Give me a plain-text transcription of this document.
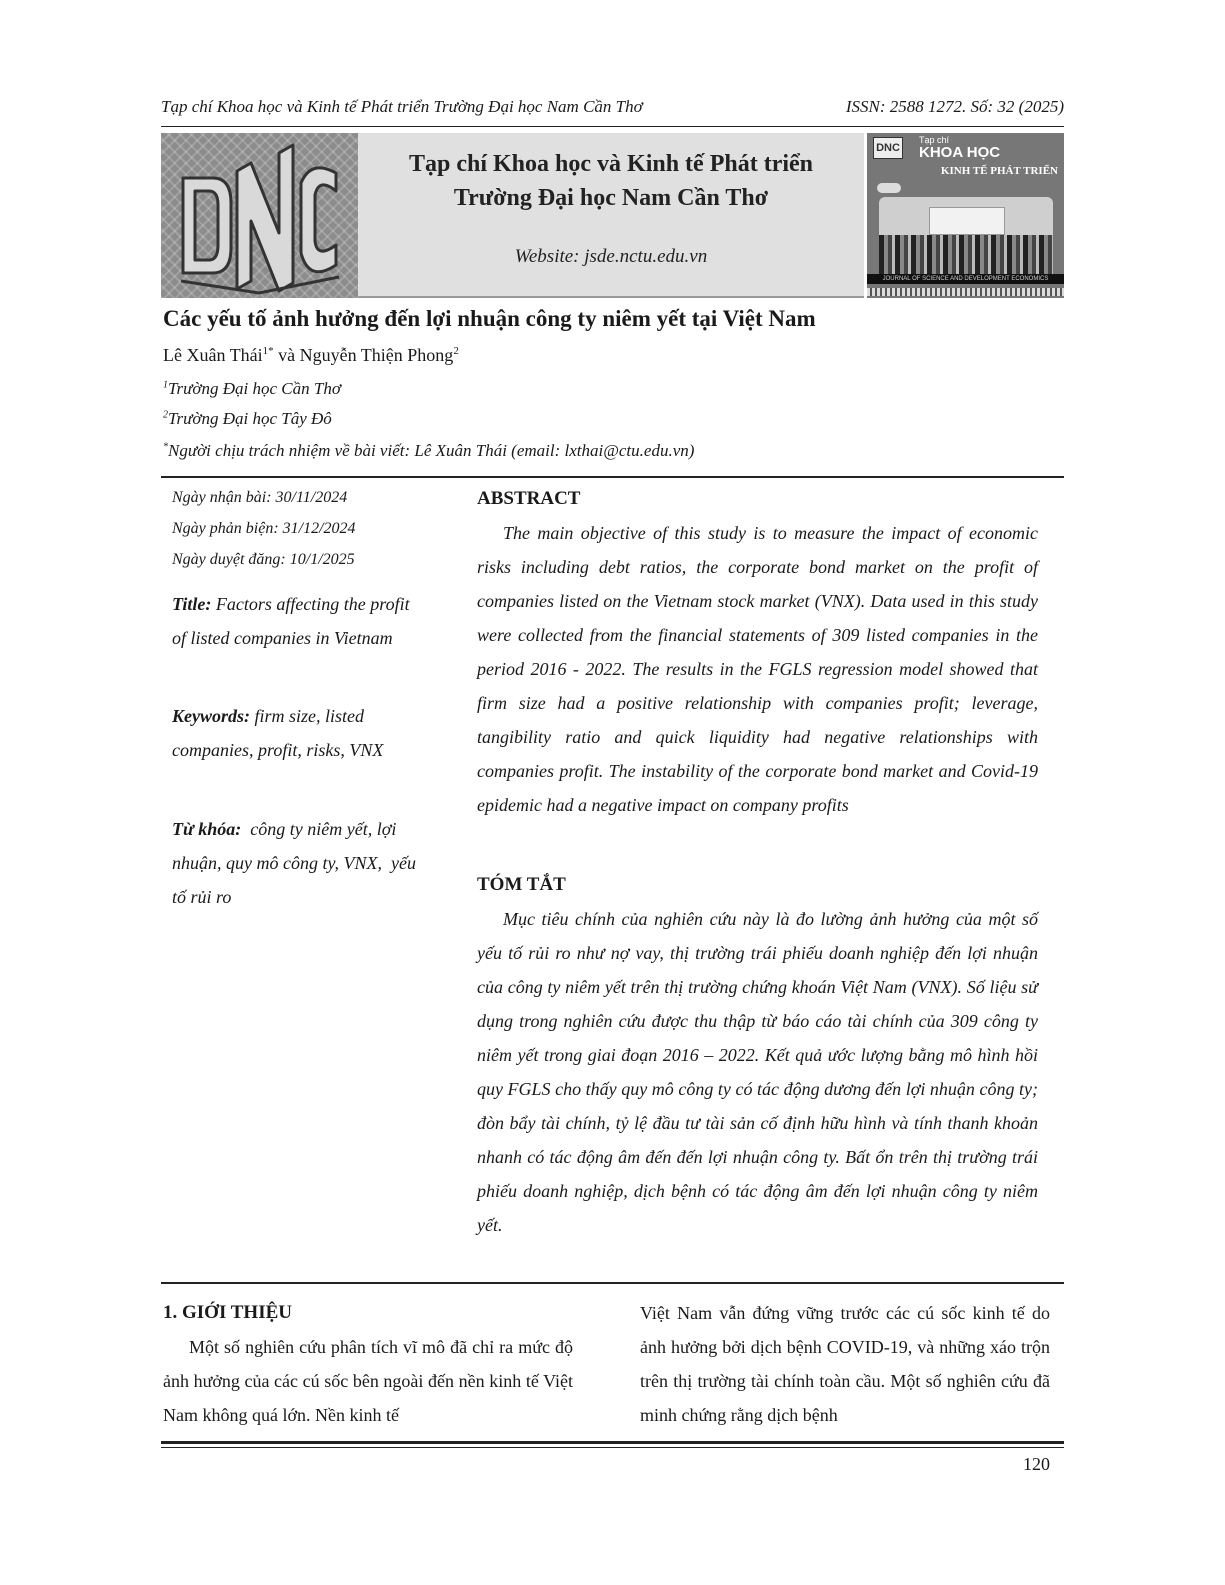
Tạp chí Khoa học và Kinh tế Phát triển Trường Đại học Nam Cần Thơ	ISSN: 2588 1272. Số: 32 (2025)
Tạp chí Khoa học và Kinh tế Phát triển
Trường Đại học Nam Cần Thơ
Website: jsde.nctu.edu.vn
DNC
Tạp chí
KHOA HỌC
KINH TẾ PHÁT TRIỂN
JOURNAL OF SCIENCE AND DEVELOPMENT ECONOMICS
Các yếu tố ảnh hưởng đến lợi nhuận công ty niêm yết tại Việt Nam
Lê Xuân Thái$^{1*}$ và Nguyễn Thiện Phong$^2$
$^1$Trường Đại học Cần Thơ
$^2$Trường Đại học Tây Đô
*Người chịu trách nhiệm về bài viết: Lê Xuân Thái (email: lxthai@ctu.edu.vn)
Ngày nhận bài: 30/11/2024
Ngày phản biện: 31/12/2024
Ngày duyệt đăng: 10/1/2025
Title: Factors affecting the profit of listed companies in Vietnam
Keywords: firm size, listed companies, profit, risks, VNX
Từ khóa:  công ty niêm yết, lợi nhuận, quy mô công ty, VNX,  yếu tố rủi ro
ABSTRACT

The main objective of this study is to measure the impact of economic risks including debt ratios, the corporate bond market on the profit of companies listed on the Vietnam stock market (VNX). Data used in this study were collected from the financial statements of 309 listed companies in the period 2016 - 2022. The results in the FGLS regression model showed that firm size had a positive relationship with companies profit; leverage, tangibility ratio and quick liquidity had negative relationships with companies profit. The instability of the corporate bond market and Covid-19 epidemic had a negative impact on company profits

TÓM TẮT

Mục tiêu chính của nghiên cứu này là đo lường ảnh hưởng của một số yếu tố rủi ro như nợ vay, thị trường trái phiếu doanh nghiệp đến lợi nhuận của công ty niêm yết trên thị trường chứng khoán Việt Nam (VNX). Số liệu sử dụng trong nghiên cứu được thu thập từ báo cáo tài chính của 309 công ty niêm yết trong giai đoạn 2016 – 2022. Kết quả ước lượng bằng mô hình hồi quy FGLS cho thấy quy mô công ty có tác động dương đến lợi nhuận công ty; đòn bẩy tài chính, tỷ lệ đầu tư tài sản cố định hữu hình và tính thanh khoản nhanh có tác động âm đến đến lợi nhuận công ty. Bất ổn trên thị trường trái phiếu doanh nghiệp, dịch bệnh có tác động âm đến lợi nhuận công ty niêm yết.

1. GIỚI THIỆU

Một số nghiên cứu phân tích vĩ mô đã chỉ ra mức độ ảnh hưởng của các cú sốc bên ngoài đến nền kinh tế Việt Nam không quá lớn. Nền kinh tế

Việt Nam vẫn đứng vững trước các cú sốc kinh tế do ảnh hưởng bởi dịch bệnh COVID-19, và những xáo trộn trên thị trường tài chính toàn cầu. Một số nghiên cứu đã minh chứng rằng dịch bệnh

120
